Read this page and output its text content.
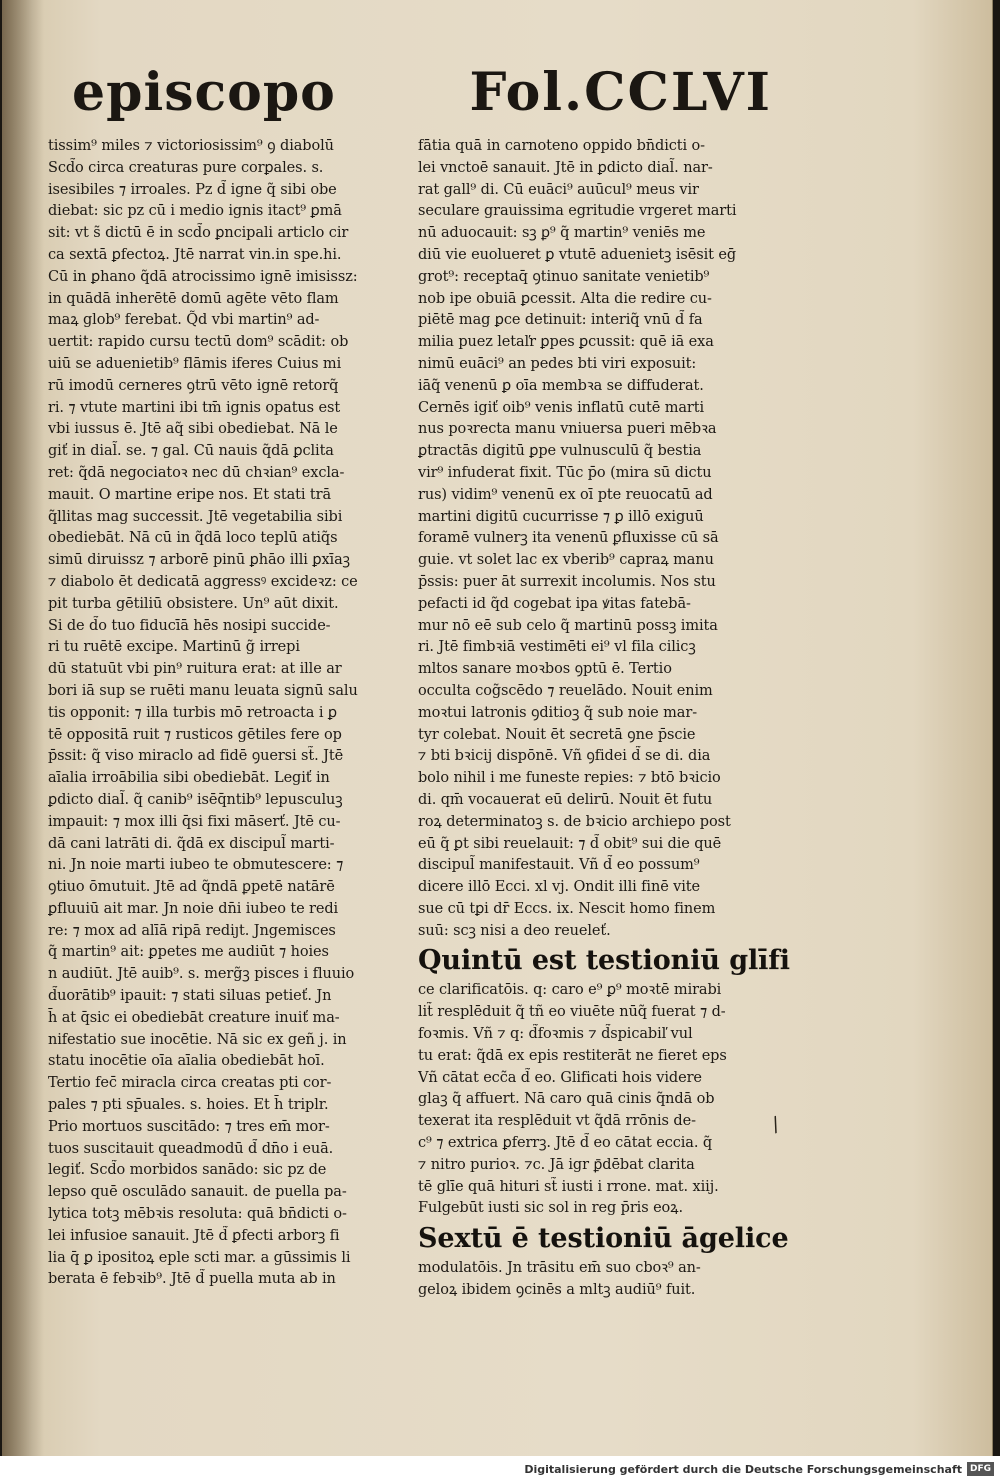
episcopo	Fol.CCLVI
tissim⁹ miles ⁊ victoriosissim⁹ ꝯ diabolū
Scd̃o circa creaturas pure corꝑales. s.
isesibiles ⁊ irroales. Pz d̃ igne q̃ sibi obe
diebat: sic pz cū i medio ignis itact⁹ ꝑmā
sit: vt s̃ dictū ē in scd̃o ꝑncipali articlo cir
ca sextā ꝑfectoꝝ. Jtē narrat vin.in spe.hi.
Cū in ꝑhano q̃dā atrocissimo ignē imisissz:
in quādā inherētē domū agēte vēto flam
maꝝ glob⁹ ferebat. Q̃d vbi martin⁹ ad-
uertit: rapido cursu tectū dom⁹ scādit: ob
uiū se aduenietib⁹ flāmis iferes Cuius mi
rū imodū cerneres ꝯtrū vēto ignē retorq̃
ri. ⁊ vtute martini ibi tm̄ ignis opatus est
vbi iussus ē. Jtē aq̃ sibi obediebat. Nā le
giť in dial̃. se. ⁊ gal. Cū nauis q̃dā ꝑclita
ret: q̃dā negociatoꝛ nec dū chꝛian⁹ excla-
mauit. O martine eripe nos. Et stati trā
q̃llitas mag successit. Jtē vegetabilia sibi
obediebāt. Nā cū in q̃dā loco teplū atiq̃s
simū diruissz ⁊ arborē pinū ꝑhāo illi ꝑxīaꝫ
⁊ diabolo ēt dedicatā aggressꝰ excideꝛz: ce
pit turba gētiliū obsistere. Un⁹ aūt dixit.
Si de d̃o tuo fiducīā hēs nosipi succide-
ri tu ruētē excipe. Martinū g̃ irrepi
dū statuūt vbi pin⁹ ruitura erat: at ille ar
bori iā sup se ruēti manu leuata signū salu
tis opponit: ⁊ illa turbis mō retroacta i ꝑ
tē oppositā ruit ⁊ rusticos gētiles fere op
p̄ssit: q̃ viso miraclo ad fidē ꝯuersi st̃. Jtē
aīalia irroābilia sibi obediebāt. Legiť in
ꝑdicto dial̃. q̃ canib⁹ isēq̄ntib⁹ lepusculuꝫ
impauit: ⁊ mox illi q̄si fixi māserť. Jtē cu-
dā cani latrāti di. q̃dā ex discipul̃ marti-
ni. Jn noie marti iubeo te obmutescere: ⁊
ꝯtiuo ōmutuit. Jtē ad q̃ndā ꝑpetē natārē
ꝑfluuiū ait mar. Jn noie dn̄i iubeo te redi
re: ⁊ mox ad alīā ripā rediȷt. Jngemisces
q̃ martin⁹ ait: ꝑpetes me audiūt ⁊ hoies
n audiūt. Jtē auib⁹. s. merg̃ꝫ pisces i fluuio
d̃uorātib⁹ ipauit: ⁊ stati siluas petieť. Jn
h̄ at q̄sic ei obediebāt creature inuiť ma-
nifestatio sue inocētie. Nā sic ex geñ j. in
statu inocētie oīa aīalia obediebāt hoī.
Tertio fec̄ miracla circa creatas pti cor-
pales ⁊ pti sp̄uales. s. hoies. Et h̄ triplr.
Prio mortuos suscitādo: ⁊ tres em̄ mor-
tuos suscitauit queadmodū d̃ dn̄o i euā.
legiť. Scd̃o morbidos sanādo: sic pz de
lepso quē osculādo sanauit. de puella pa-
lytica totꝫ mēbꝛis resoluta: quā bn̄dicti o-
lei infusioe sanauit. Jtē d̃ ꝑfecti arborꝫ fi
lia q̄ ꝑ ipositoꝝ eple scti mar. a gūssimis li
berata ē febꝛib⁹. Jtē d̃ puella muta ab in
fātia quā in carnoteno oppido bn̄dicti o-
lei vnctoē sanauit. Jtē in ꝑdicto dial̃. nar-
rat gall⁹ di. Cū euāci⁹ auūcul⁹ meus vir
seculare grauissima egritudie vrgeret marti
nū aduocauit: sꝫ ꝑ⁹ q̃ martin⁹ veniēs me
diū vie euolueret ꝑ vtutē aduenietꝫ isēsit eḡ
grot⁹: receptaq̄ ꝯtinuo sanitate venietib⁹
nob ipe obuiā ꝑcessit. Alta die redire cu-
piētē mag ꝑce detinuit: interiq̃ vnū d̃ fa
milia puez letaľr ꝑpes ꝑcussit: quē iā exa
nimū euāci⁹ an pedes bti viri exposuit:
iāq̃ venenū ꝑ oīa membꝛa se diffuderat.
Cernēs igiť oib⁹ venis inflatū cutē marti
nus poꝛrecta manu vniuersa pueri mēbꝛa
ꝑtractās digitū ꝑpe vulnusculū q̃ bestia
vir⁹ infuderat fixit. Tūc p̄o (mira sū dictu
rus) vidim⁹ venenū ex oī pte reuocatū ad
martini digitū cucurrisse ⁊ ꝑ illō exiguū
foramē vulnerꝫ ita venenū ꝑfluxisse cū sā
guie. vt solet lac ex vberib⁹ capraꝝ manu
p̄ssis: puer āt surrexit incolumis. Nos stu
pefacti id q̃d cogebat ipa ꝟitas fatebā-
mur nō eē sub celo q̃ martinū possꝫ imita
ri. Jtē fimbꝛiā vestimēti ei⁹ vl fila cilicꝫ
mltos sanare moꝛbos ꝯptū ē. Tertio
occulta cog̃scēdo ⁊ reuelādo. Nouit enim
moꝛtui latronis ꝯditioꝫ q̃ sub noie mar-
tyr colebat. Nouit ēt secretā ꝯne p̄scie
⁊ bti bꝛicij dispōnē. Vñ ꝯfidei d̃ se di. dia
bolo nihil i me funeste repies: ⁊ btō bꝛicio
di. qm̄ vocauerat eū delirū. Nouit ēt futu
roꝝ determinatoꝫ s. de bꝛicio archiepo post
eū q̃ ꝑt sibi reuelauit: ⁊ d̃ obit⁹ sui die quē
discipul̃ manifestauit. Vñ d̃ eo possum⁹
dicere illō Ecci. xl vj. Ondit illi finē vite
sue cū tꝑi dr̄ Eccs. ix. Nescit homo finem
suū: scꝫ nisi a deo reueleť.
Quintū est testioniū glīfi
ce clarificatōis. q: caro e⁹ ꝑ⁹ moꝛtē mirabi
lit̃ resplēduit q̃ tñ eo viuēte nūq̃ fuerat ⁊ d-
foꝛmis. Vñ ⁊ q: d̃foꝛmis ⁊ d̃spicabiľ vul
tu erat: q̃dā ex epis restiterāt ne fieret eps
Vñ cātat ecc̃a d̃ eo. Glificati hois videre
glaꝫ q̃ affuert. Nā caro quā cinis q̃ndā ob
texerat ita resplēduit vt q̃dā rrōnis de-
c⁹ ⁊ extrica ꝑferrꝫ. Jtē d̃ eo cātat eccia. q̃
⁊ nitro purioꝛ. ⁊c. Jā igr ꝑ̄dēbat clarita
tē glīe quā hituri st̃ iusti i rrone. mat. xiij.
Fulgebūt iusti sic sol in reg p̄ris eoꝝ.
Sextū ē testioniū āgelice
modulatōis. Jn trāsitu em̄ suo cboꝛ⁹ an-
geloꝝ ibidem ꝯcinēs a mltꝫ audiū⁹ fuit.
/
Digitalisierung gefördert durch die Deutsche Forschungsgemeinschaft DFG
